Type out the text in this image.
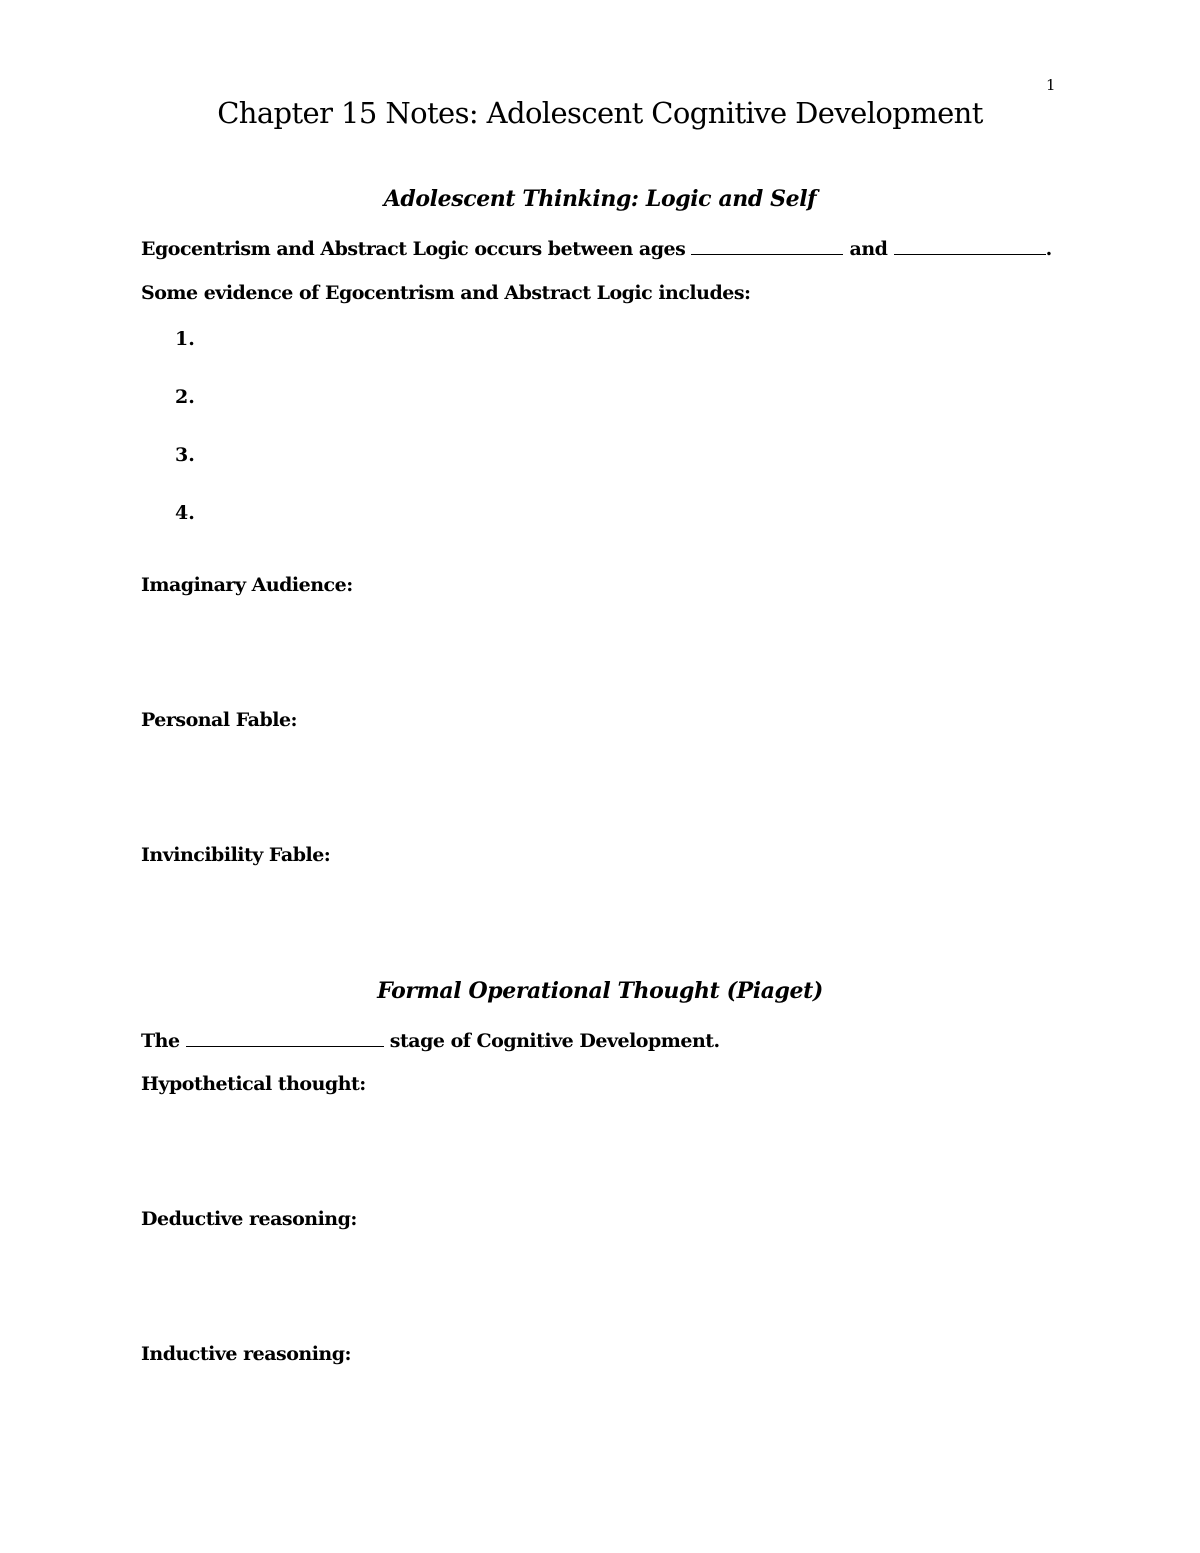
1
Chapter 15 Notes: Adolescent Cognitive Development
Adolescent Thinking: Logic and Self
Egocentrism and Abstract Logic occurs between ages	and	.
Some evidence of Egocentrism and Abstract Logic includes:
1.
2.
3.
4.
Imaginary Audience:
Personal Fable:
Invincibility Fable:
Formal Operational Thought (Piaget)
The	stage of Cognitive Development.
Hypothetical thought:
Deductive reasoning:
Inductive reasoning:
